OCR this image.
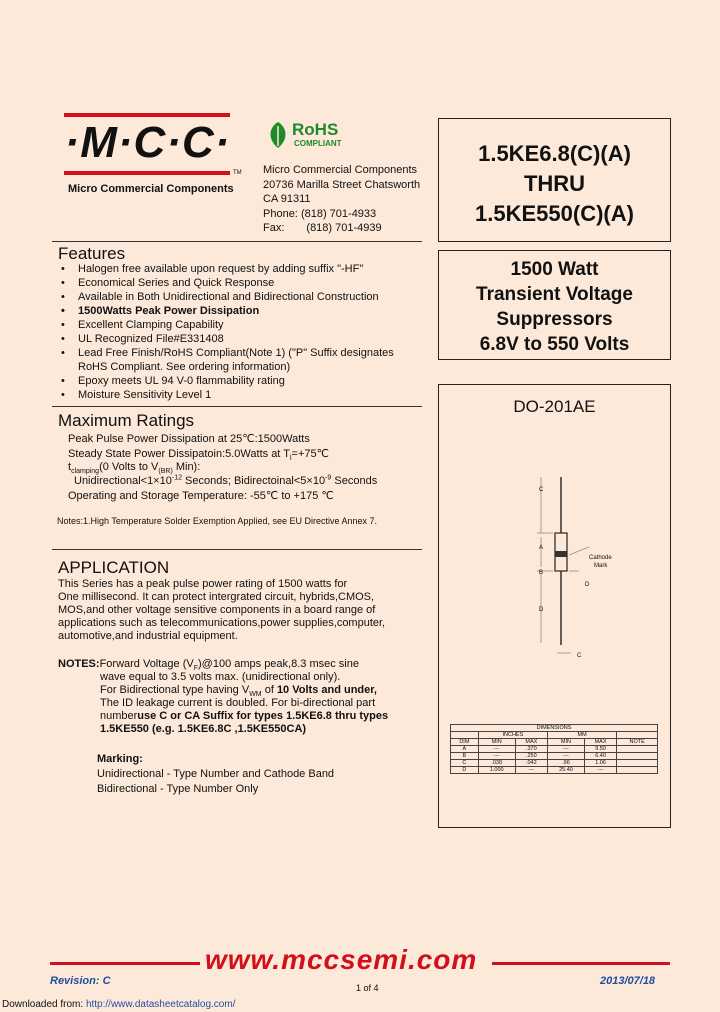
·M·C·C·
TM
Micro Commercial Components
RoHS
COMPLIANT
Micro Commercial Components
20736 Marilla Street Chatsworth
CA 91311
Phone: (818) 701-4933
Fax: (818) 701-4939
1.5KE6.8(C)(A)
THRU
1.5KE550(C)(A)
1500 Watt
Transient Voltage
Suppressors
6.8V to 550 Volts
DO-201AE
C
A
B
D
D
C
Cathode
Mark
DIMENSIONS					
	INCHES		MM		
DIM	MIN	MAX	MIN	MAX	NOTE
A	---	.370	---	9.50	
B	---	.250	---	6.40	
C	.038	.042	.96	1.06	
D	1.000	---	25.40	---	
Features
• Halogen free available upon request by adding suffix "-HF"
• Economical Series and Quick Response
• Available in Both Unidirectional and Bidirectional Construction
• 1500Watts Peak Power Dissipation
• Excellent Clamping Capability
• UL Recognized File#E331408
• Lead Free Finish/RoHS Compliant(Note 1) ("P" Suffix designates
RoHS Compliant. See ordering information)
• Epoxy meets UL 94 V-0 flammability rating
• Moisture Sensitivity Level 1
Maximum Ratings
Peak Pulse Power Dissipation at 25℃:1500Watts
Steady State Power Dissipatoin:5.0Watts at $T_l=+75℃$
$t_{clamping}(0$ Volts to $V_{(BR)}$ Min):
$Unidirectional<1\times 10^{-12}$ Seconds; $Bidirectoinal<5\times 10^{-9}$ Seconds
Operating and Storage Temperature: -55℃ to +175 ℃
Notes:1.High Temperature Solder Exemption Applied, see EU Directive Annex 7.
APPLICATION
This Series has a peak pulse power rating of 1500 watts for
One millisecond. It can protect intergrated circuit, hybrids,CMOS,
MOS,and other voltage sensitive components in a board range of
applications such as telecommunications,power supplies,computer,
automotive,and industrial equipment.
NOTES:Forward Voltage $(V_F)@100$ amps peak,8.3 msec sine
wave equal to 3.5 volts max. (unidirectional only).
For Bidirectional type having $V_{WM}$ of 10 Volts and under,
The ID leakage current is doubled. For bi-directional part
numberuse C or CA Suffix for types 1.5KE6.8 thru types
1.5KE550 (e.g. 1.5KE6.8C ,1.5KE550CA)
Marking:
Unidirectional - Type Number and Cathode Band
Bidirectional - Type Number Only
www.mccsemi.com
Revision: C
1 of 4
2013/07/18
Downloaded from: http://www.datasheetcatalog.com/
